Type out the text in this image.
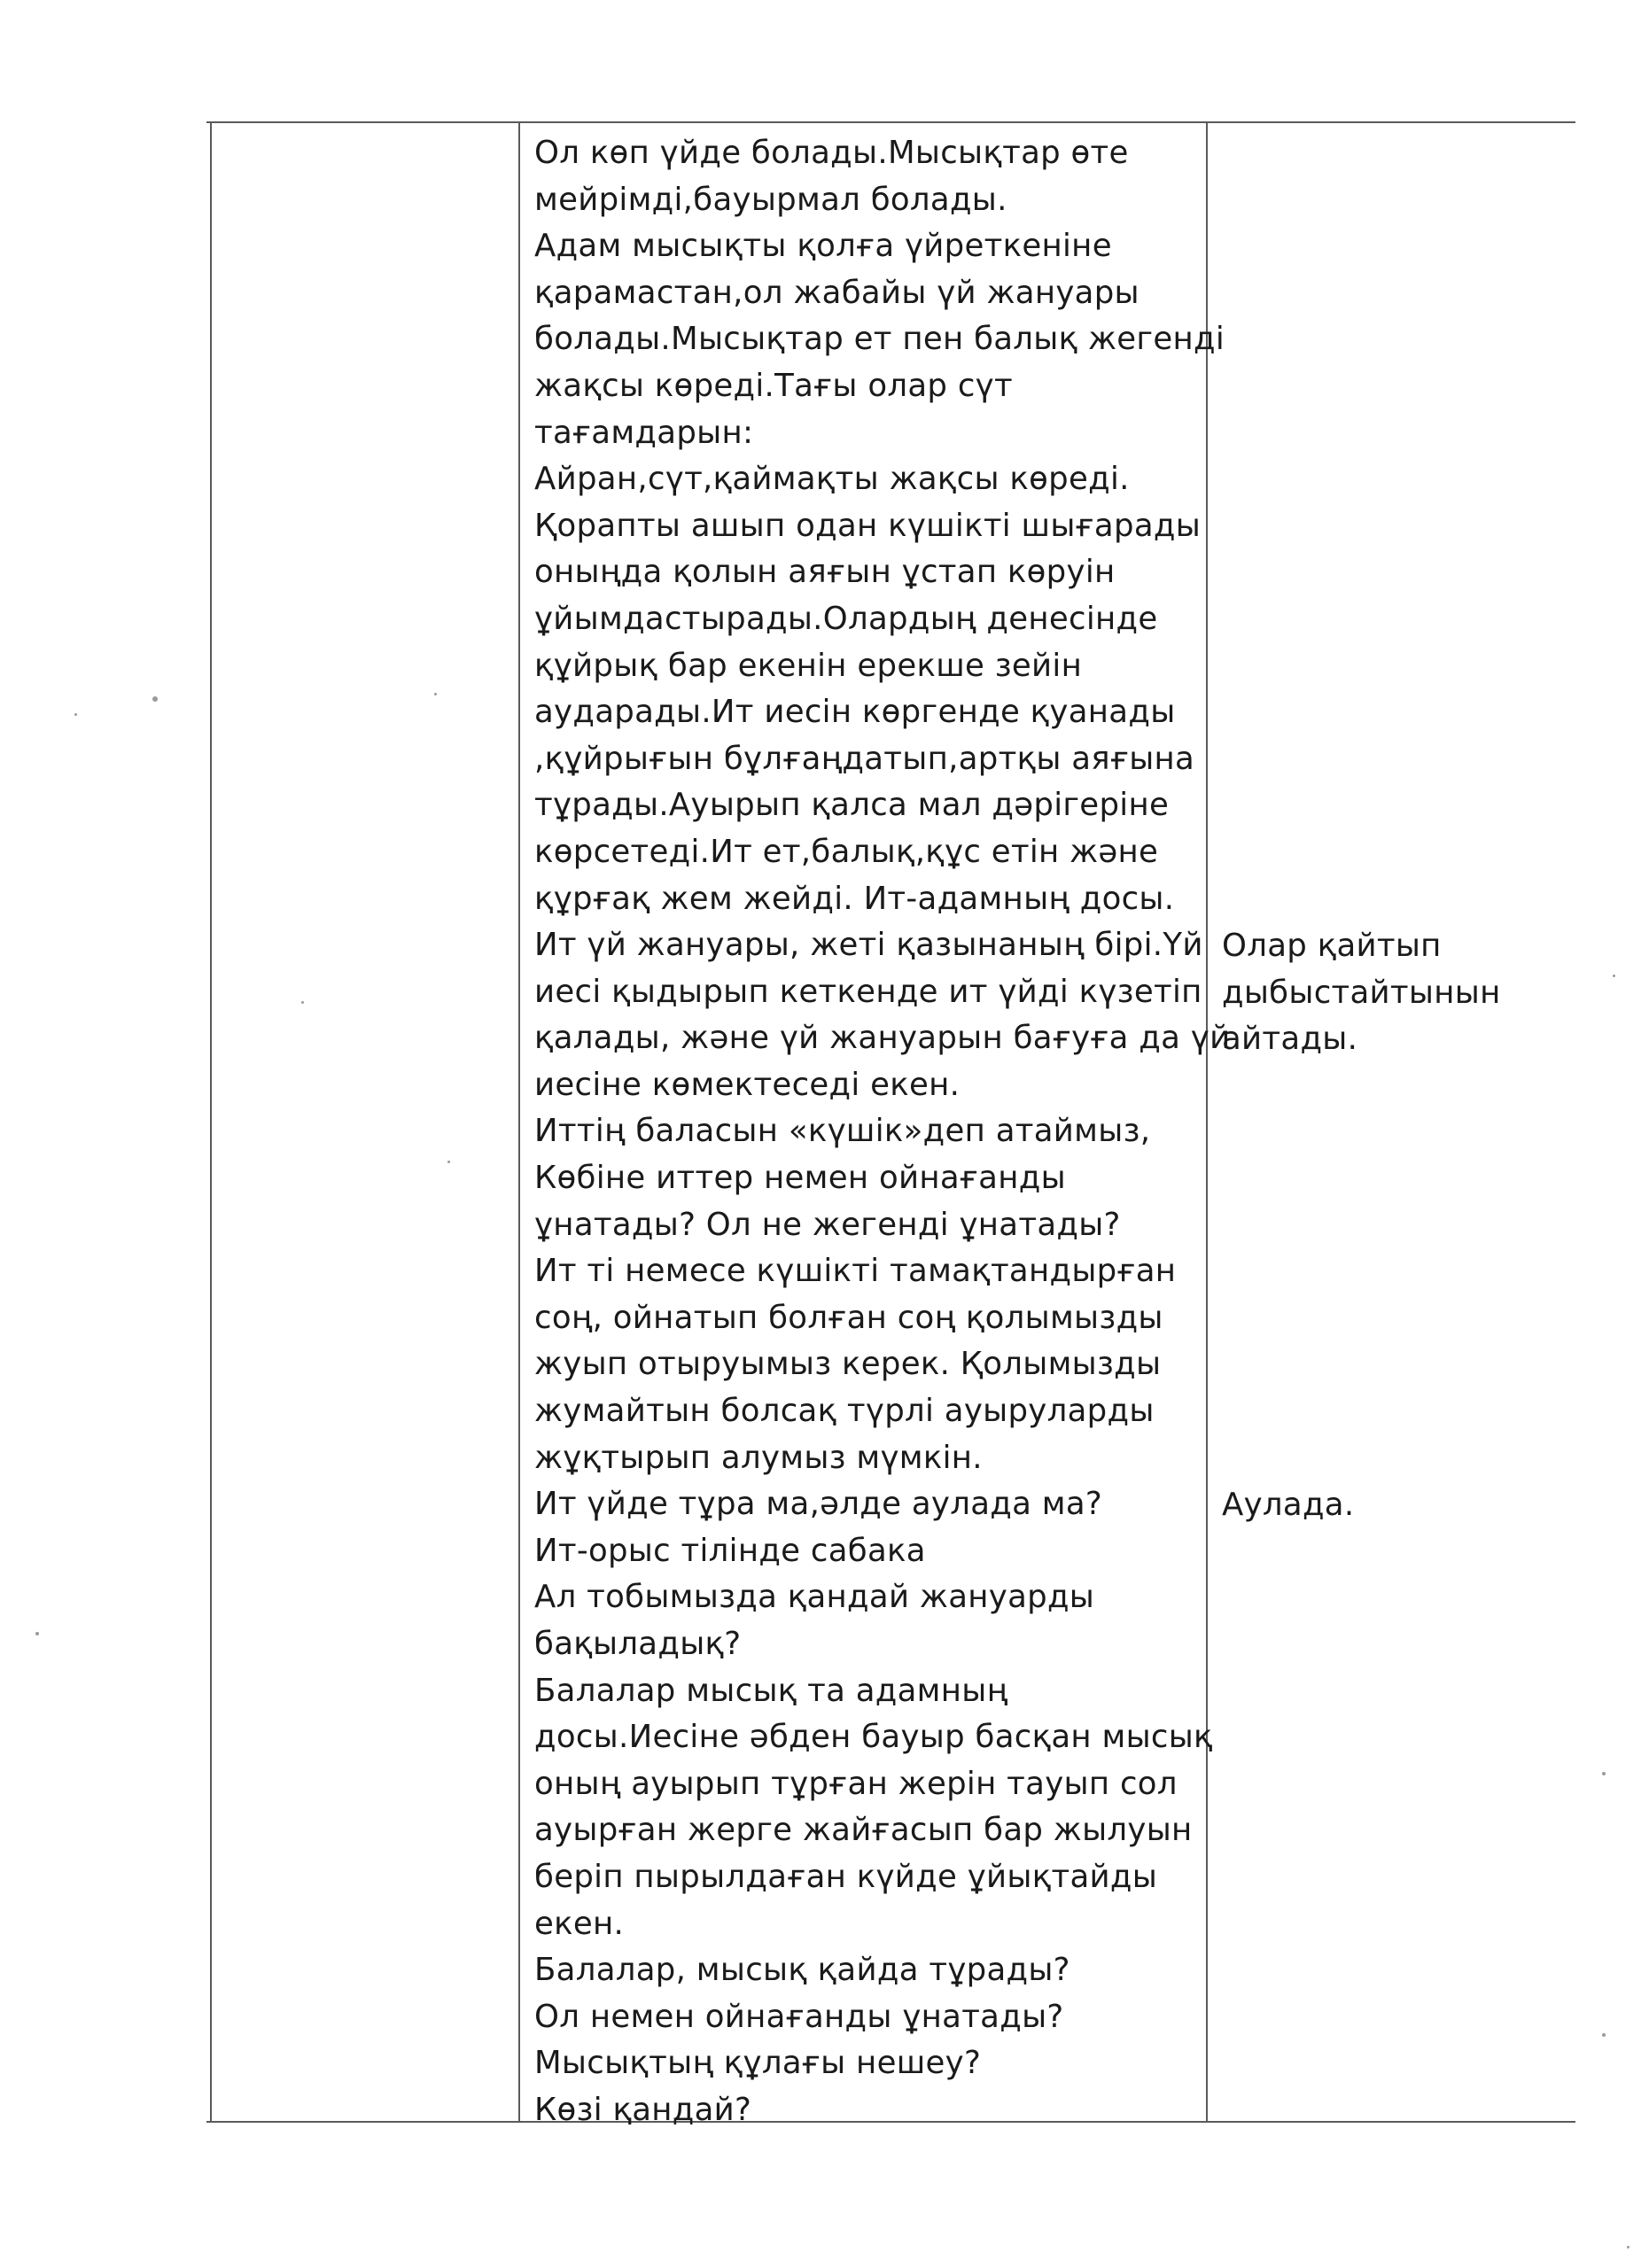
Ол көп үйде болады.Мысықтар өте
мейрімді,бауырмал болады.
Адам мысықты қолға үйреткеніне
қарамастан,ол жабайы үй жануары
болады.Мысықтар ет пен балық жегенді
жақсы көреді.Тағы олар сүт
тағамдарын:
Айран,сүт,қаймақты жақсы көреді.
Қорапты ашып одан күшікті шығарады
оныңда қолын аяғын ұстап көруін
ұйымдастырады.Олардың денесінде
құйрық бар екенін ерекше зейін
аударады.Ит иесін көргенде қуанады
,құйрығын бұлғаңдатып,артқы аяғына
тұрады.Ауырып қалса мал дәрігеріне
көрсетеді.Ит ет,балық,құс етін және
құрғақ жем жейді. Ит-адамның досы.
Ит үй жануары, жеті қазынаның бірі.Үй
иесі қыдырып кеткенде ит үйді күзетіп
қалады, және үй жануарын бағуға да үй
иесіне көмектеседі екен.
Иттің баласын «күшік»деп атаймыз,
Көбіне иттер немен ойнағанды
ұнатады? Ол не жегенді ұнатады?
Ит ті немесе күшікті тамақтандырған
соң, ойнатып болған соң қолымызды
жуып отыруымыз керек. Қолымызды
жумайтын болсақ түрлі ауыруларды
жұқтырып алумыз мүмкін.
Ит үйде тұра ма,әлде аулада ма?
Ит-орыс тілінде сабака
Ал тобымызда қандай жануарды
бақыладық?
Балалар мысық та адамның
досы.Иесіне әбден бауыр басқан мысық
оның ауырып тұрған жерін тауып сол
ауырған жерге жайғасып бар жылуын
беріп пырылдаған күйде ұйықтайды
екен.
Балалар, мысық қайда тұрады?
Ол немен ойнағанды ұнатады?
Мысықтың құлағы нешеу?
Көзі қандай?
Олар қайтып
дыбыстайтынын
айтады.
Аулада.
